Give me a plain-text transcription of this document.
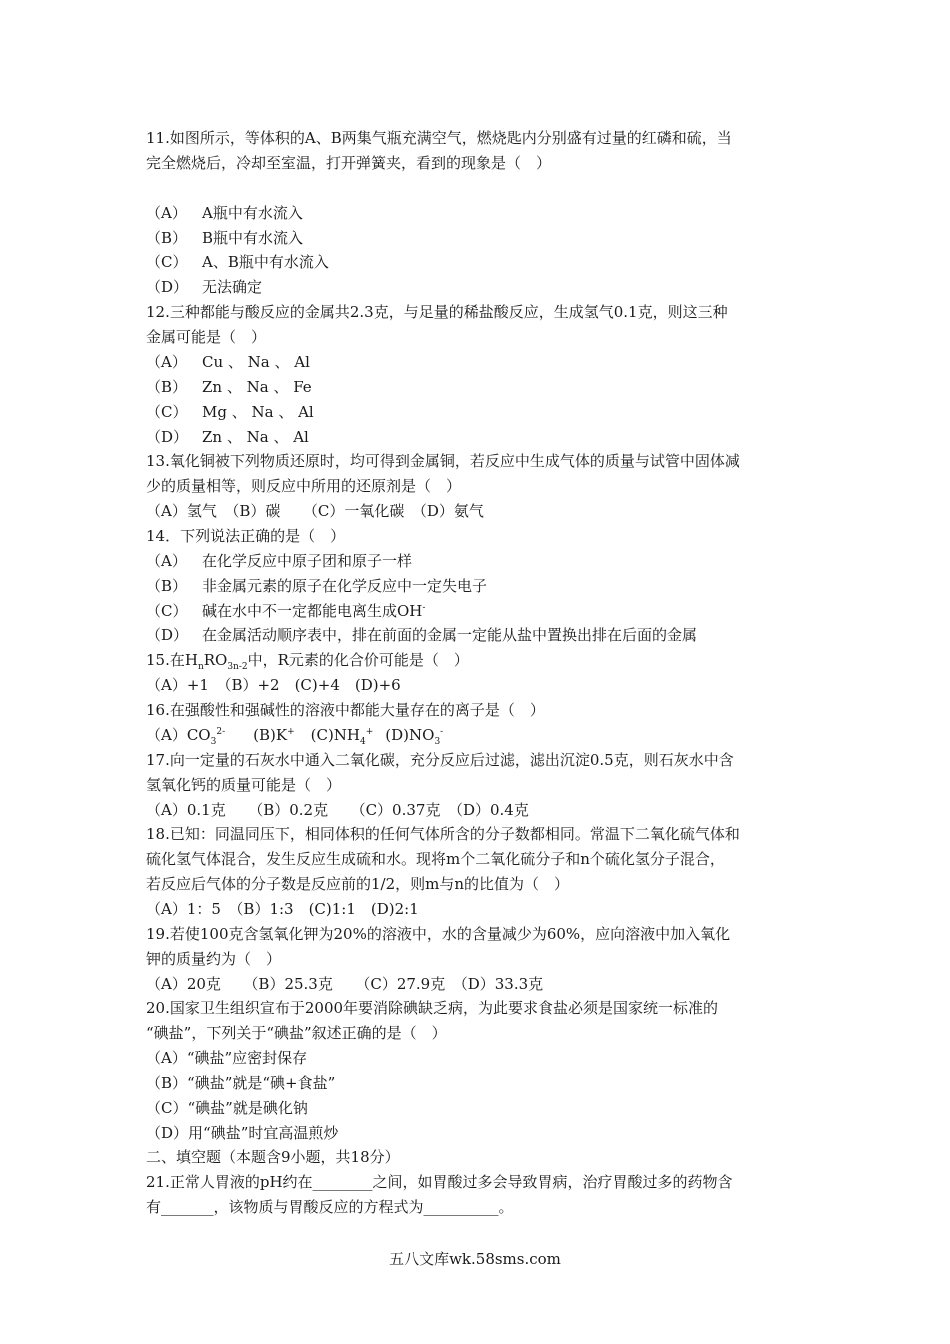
11.如图所示，等体积的A、B两集气瓶充满空气，燃烧匙内分别盛有过量的红磷和硫，当
完全燃烧后，冷却至室温，打开弹簧夹，看到的现象是（　）
（A） A瓶中有水流入
（B） B瓶中有水流入
（C） A、B瓶中有水流入
（D） 无法确定
12.三种都能与酸反应的金属共2.3克，与足量的稀盐酸反应，生成氢气0.1克，则这三种
金属可能是（　）
（A） Cu 、 Na 、 Al
（B） Zn 、 Na 、 Fe
（C） Mg 、 Na 、 Al
（D） Zn 、 Na 、 Al
13.氧化铜被下列物质还原时，均可得到金属铜，若反应中生成气体的质量与试管中固体减
少的质量相等，则反应中所用的还原剂是（　）
（A）氢气　（B）碳　　（C）一氧化碳　（D）氨气
14．下列说法正确的是（　）
（A） 在化学反应中原子团和原子一样
（B） 非金属元素的原子在化学反应中一定失电子
（C） 碱在水中不一定都能电离生成OH-
（D） 在金属活动顺序表中，排在前面的金属一定能从盐中置换出排在后面的金属
15.在$H_nRO_{3n-2}$中，R元素的化合价可能是（　）
（A）+1　（B）+2　(C)+4　(D)+6
16.在强酸性和强碱性的溶液中都能大量存在的离子是（　）
$(A)CO_3^{2-}$ (B)K+ $(C)NH_4^+$ $(D)NO_3^-$
17.向一定量的石灰水中通入二氧化碳，充分反应后过滤，滤出沉淀0.5克，则石灰水中含
氢氧化钙的质量可能是（　）
（A）0.1克　　（B）0.2克　　（C）0.37克　（D）0.4克
18.已知：同温同压下，相同体积的任何气体所含的分子数都相同。常温下二氧化硫气体和
硫化氢气体混合，发生反应生成硫和水。现将m个二氧化硫分子和n个硫化氢分子混合，
若反应后气体的分子数是反应前的1/2，则m与n的比值为（　）
（A）1：5　（B）1:3　(C)1:1　(D)2:1
19.若使100克含氢氧化钾为20%的溶液中，水的含量减少为60%，应向溶液中加入氧化
钾的质量约为（　）
（A）20克　　（B）25.3克　　（C）27.9克　（D）33.3克
20.国家卫生组织宣布于2000年要消除碘缺乏病，为此要求食盐必须是国家统一标准的
“碘盐”，下列关于“碘盐”叙述正确的是（　）
（A）“碘盐”应密封保存
（B）“碘盐”就是“碘+食盐”
（C）“碘盐”就是碘化钠
（D）用“碘盐”时宜高温煎炒
二、填空题（本题含9小题，共18分）
21.正常人胃液的pH约在________之间，如胃酸过多会导致胃病，治疗胃酸过多的药物含
有_______，该物质与胃酸反应的方程式为__________。
五八文库wk.58sms.com
